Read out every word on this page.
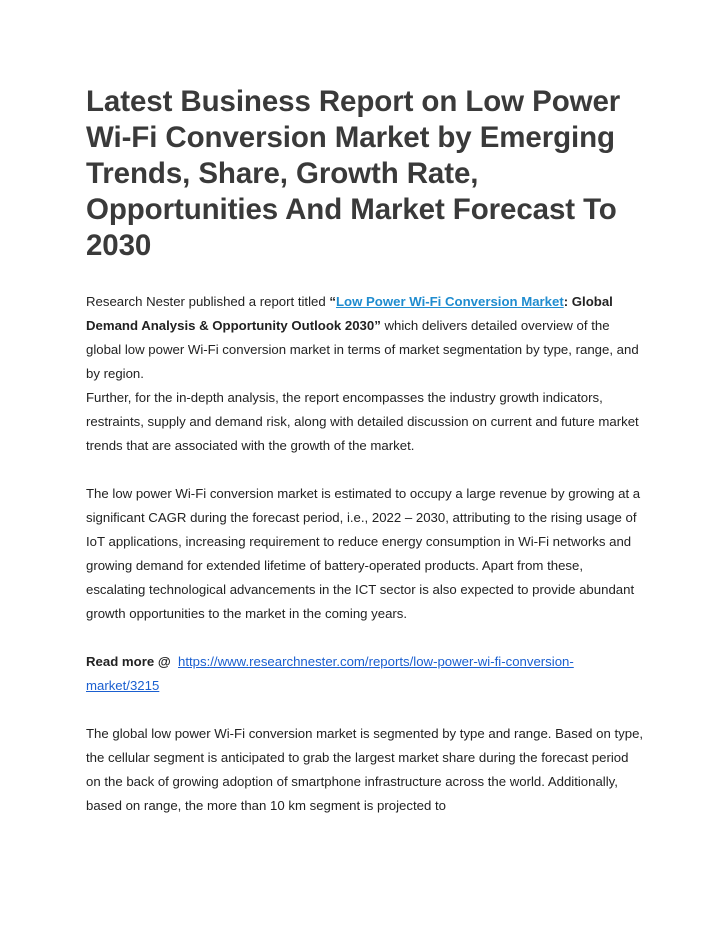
Latest Business Report on Low Power Wi-Fi Conversion Market by Emerging Trends, Share, Growth Rate, Opportunities And Market Forecast To 2030

Research Nester published a report titled “Low Power Wi-Fi Conversion Market: Global Demand Analysis & Opportunity Outlook 2030” which delivers detailed overview of the global low power Wi-Fi conversion market in terms of market segmentation by type, range, and by region.

Further, for the in-depth analysis, the report encompasses the industry growth indicators, restraints, supply and demand risk, along with detailed discussion on current and future market trends that are associated with the growth of the market.

The low power Wi-Fi conversion market is estimated to occupy a large revenue by growing at a significant CAGR during the forecast period, i.e., 2022 – 2030, attributing to the rising usage of IoT applications, increasing requirement to reduce energy consumption in Wi-Fi networks and growing demand for extended lifetime of battery-operated products. Apart from these, escalating technological advancements in the ICT sector is also expected to provide abundant growth opportunities to the market in the coming years.

Read more @ https://www.researchnester.com/reports/low-power-wi-fi-conversion-market/3215

The global low power Wi-Fi conversion market is segmented by type and range. Based on type, the cellular segment is anticipated to grab the largest market share during the forecast period on the back of growing adoption of smartphone infrastructure across the world. Additionally, based on range, the more than 10 km segment is projected to
